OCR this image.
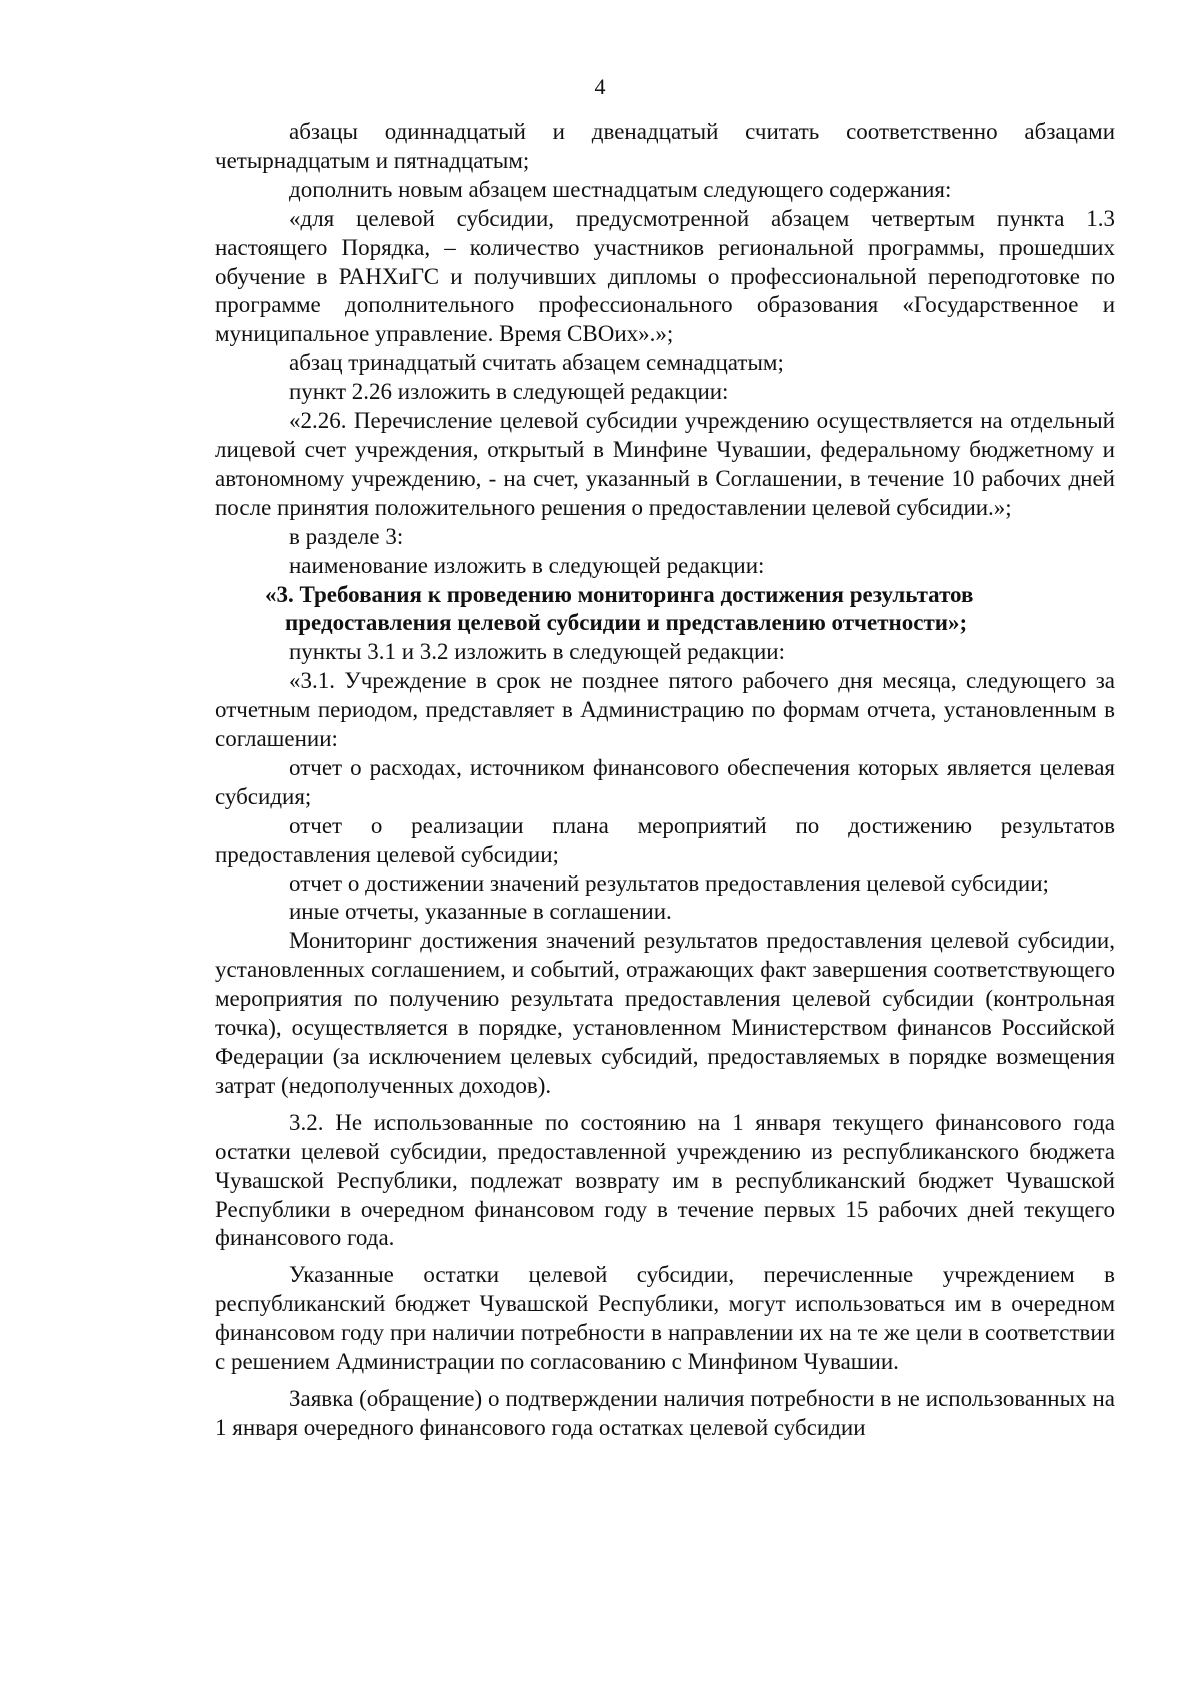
4

абзацы одиннадцатый и двенадцатый считать соответственно абзацами четырнадцатым и пятнадцатым;

дополнить новым абзацем шестнадцатым следующего содержания:

«для целевой субсидии, предусмотренной абзацем четвертым пункта 1.3 настоящего Порядка, – количество участников региональной программы, прошедших обучение в РАНХиГС и получивших дипломы о профессиональной переподготовке по программе дополнительного профессионального образования «Государственное и муниципальное управление. Время СВОих».»;

абзац тринадцатый считать абзацем семнадцатым;

пункт 2.26 изложить в следующей редакции:

«2.26. Перечисление целевой субсидии учреждению осуществляется на отдельный лицевой счет учреждения, открытый в Минфине Чувашии, федеральному бюджетному и автономному учреждению, - на счет, указанный в Соглашении, в течение 10 рабочих дней после принятия положительного решения о предоставлении целевой субсидии.»;

в разделе 3:

наименование изложить в следующей редакции:

«3. Требования к проведению мониторинга достижения результатов
предоставления целевой субсидии и представлению отчетности»;

пункты 3.1 и 3.2 изложить в следующей редакции:

«3.1. Учреждение в срок не позднее пятого рабочего дня месяца, следующего за отчетным периодом, представляет в Администрацию по формам отчета, установленным в соглашении:

отчет о расходах, источником финансового обеспечения которых является целевая субсидия;

отчет о реализации плана мероприятий по достижению результатов предоставления целевой субсидии;

отчет о достижении значений результатов предоставления целевой субсидии;

иные отчеты, указанные в соглашении.

Мониторинг достижения значений результатов предоставления целевой субсидии, установленных соглашением, и событий, отражающих факт завершения соответствующего мероприятия по получению результата предоставления целевой субсидии (контрольная точка), осуществляется в порядке, установленном Министерством финансов Российской Федерации (за исключением целевых субсидий, предоставляемых в порядке возмещения затрат (недополученных доходов).

3.2. Не использованные по состоянию на 1 января текущего финансового года остатки целевой субсидии, предоставленной учреждению из республиканского бюджета Чувашской Республики, подлежат возврату им в республиканский бюджет Чувашской Республики в очередном финансовом году в течение первых 15 рабочих дней текущего финансового года.

Указанные остатки целевой субсидии, перечисленные учреждением в республиканский бюджет Чувашской Республики, могут использоваться им в очередном финансовом году при наличии потребности в направлении их на те же цели в соответствии с решением Администрации по согласованию с Минфином Чувашии.

Заявка (обращение) о подтверждении наличия потребности в не использованных на 1 января очередного финансового года остатках целевой субсидии
